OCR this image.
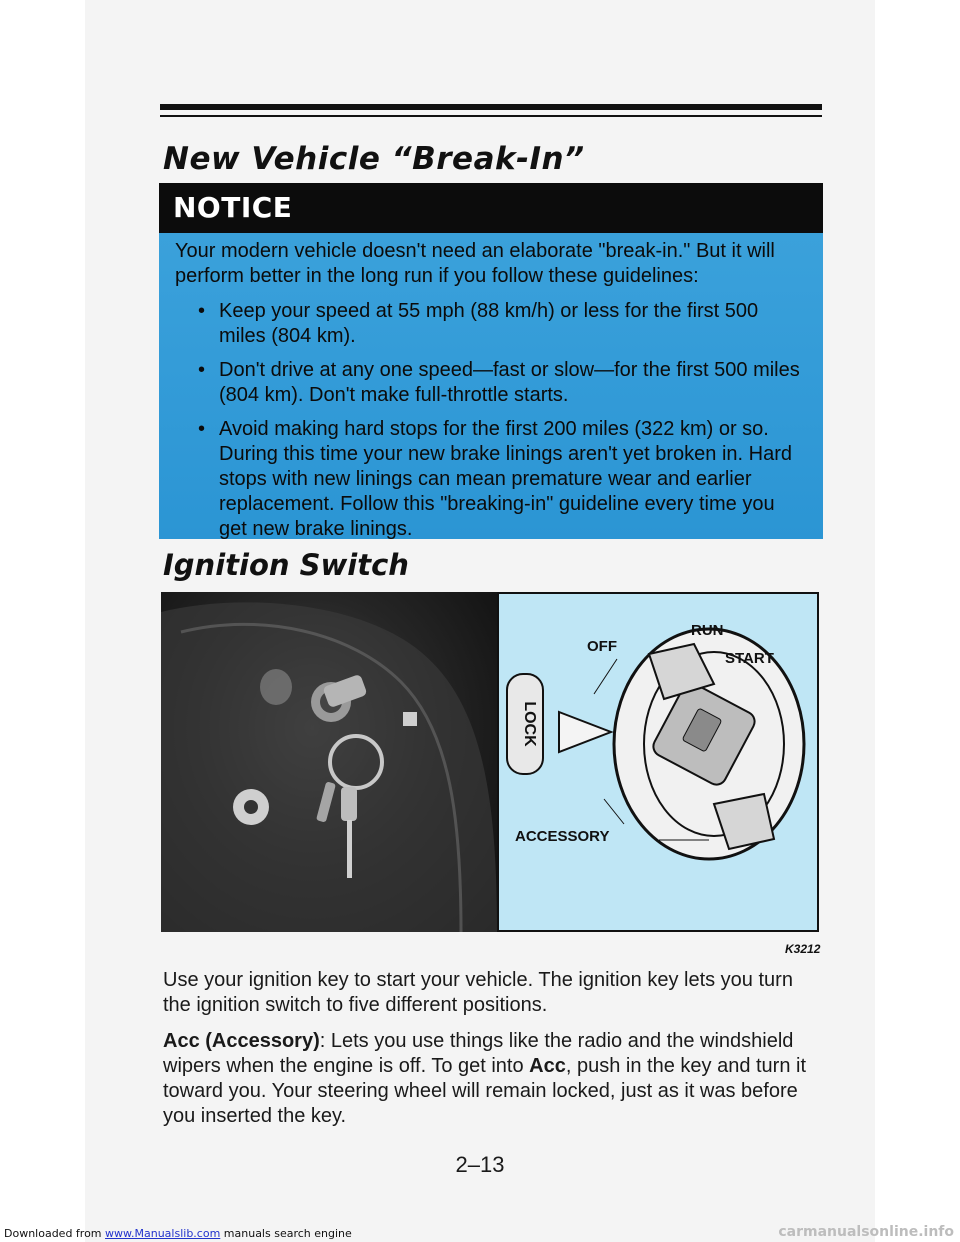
New Vehicle “Break-In”
NOTICE

Your modern vehicle doesn't need an elaborate "break-in." But it will perform better in the long run if you follow these guidelines:

• Keep your speed at 55 mph (88 km/h) or less for the first 500 miles (804 km).
• Don't drive at any one speed—fast or slow—for the first 500 miles (804 km). Don't make full-throttle starts.
• Avoid making hard stops for the first 200 miles (322 km) or so. During this time your new brake linings aren't yet broken in. Hard stops with new linings can mean premature wear and earlier replacement. Follow this "breaking-in" guideline every time you get new brake linings.
Ignition Switch
LOCK
OFF
RUN
START
ACCESSORY
K3212

Use your ignition key to start your vehicle. The ignition key lets you turn the ignition switch to five different positions.

Acc (Accessory): Lets you use things like the radio and the windshield wipers when the engine is off. To get into Acc, push in the key and turn it toward you. Your steering wheel will remain locked, just as it was before you inserted the key.

2–13
Downloaded from www.Manualslib.com manuals search engine	carmanualsonline.info
